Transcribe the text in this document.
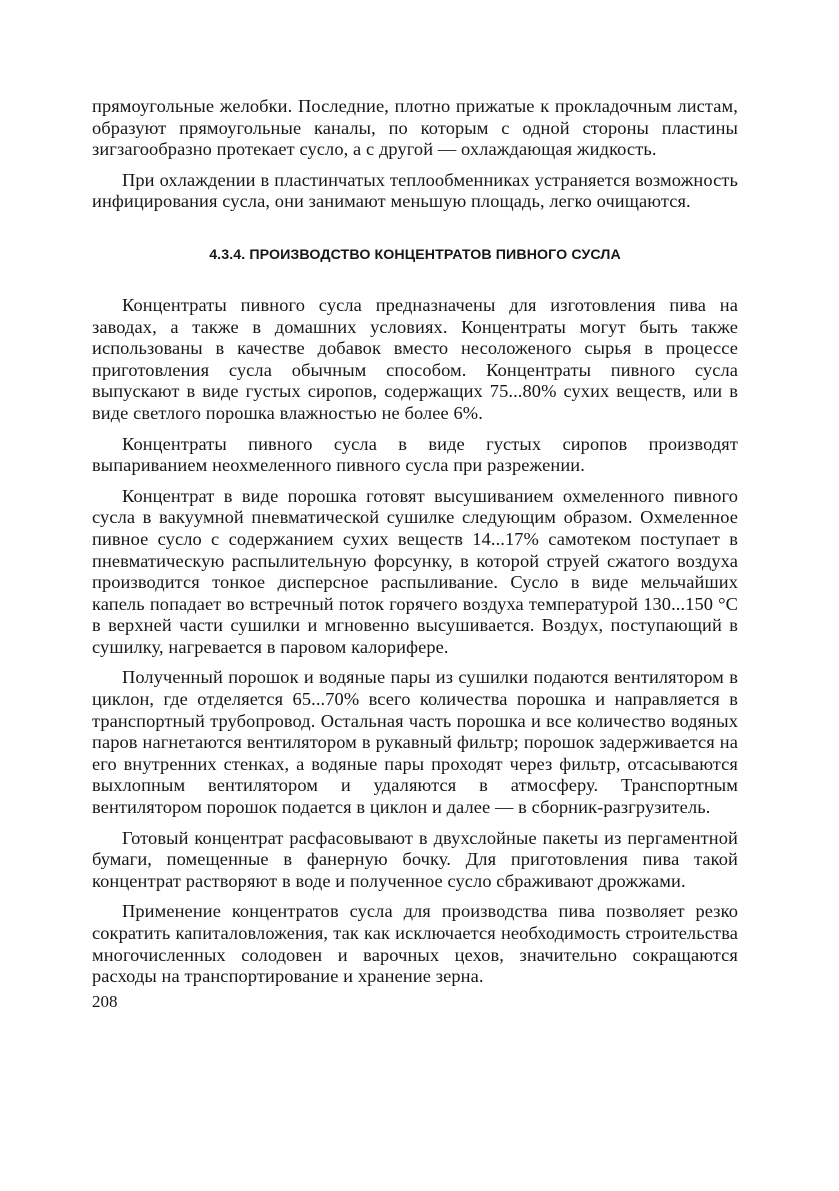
прямоугольные желобки. Последние, плотно прижатые к прокладочным листам, образуют прямоугольные каналы, по которым с одной стороны пластины зигзагообразно протекает сусло, а с другой — охлаждающая жидкость.

При охлаждении в пластинчатых теплообменниках устраняется возможность инфицирования сусла, они занимают меньшую площадь, легко очищаются.

4.3.4. ПРОИЗВОДСТВО КОНЦЕНТРАТОВ ПИВНОГО СУСЛА

Концентраты пивного сусла предназначены для изготовления пива на заводах, а также в домашних условиях. Концентраты могут быть также использованы в качестве добавок вместо несоложеного сырья в процессе приготовления сусла обычным способом. Концентраты пивного сусла выпускают в виде густых сиропов, содержащих 75...80% сухих веществ, или в виде светлого порошка влажностью не более 6%.

Концентраты пивного сусла в виде густых сиропов производят выпариванием неохмеленного пивного сусла при разрежении.

Концентрат в виде порошка готовят высушиванием охмеленного пивного сусла в вакуумной пневматической сушилке следующим образом. Охмеленное пивное сусло с содержанием сухих веществ 14...17% самотеком поступает в пневматическую распылительную форсунку, в которой струей сжатого воздуха производится тонкое дисперсное распыливание. Сусло в виде мельчайших капель попадает во встречный поток горячего воздуха температурой 130...150 °С в верхней части сушилки и мгновенно высушивается. Воздух, поступающий в сушилку, нагревается в паровом калорифере.

Полученный порошок и водяные пары из сушилки подаются вентилятором в циклон, где отделяется 65...70% всего количества порошка и направляется в транспортный трубопровод. Остальная часть порошка и все количество водяных паров нагнетаются вентилятором в рукавный фильтр; порошок задерживается на его внутренних стенках, а водяные пары проходят через фильтр, отсасываются выхлопным вентилятором и удаляются в атмосферу. Транспортным вентилятором порошок подается в циклон и далее — в сборник-разгрузитель.

Готовый концентрат расфасовывают в двухслойные пакеты из пергаментной бумаги, помещенные в фанерную бочку. Для приготовления пива такой концентрат растворяют в воде и полученное сусло сбраживают дрожжами.

Применение концентратов сусла для производства пива позволяет резко сократить капиталовложения, так как исключается необходимость строительства многочисленных солодовен и варочных цехов, значительно сокращаются расходы на транспортирование и хранение зерна.

208
